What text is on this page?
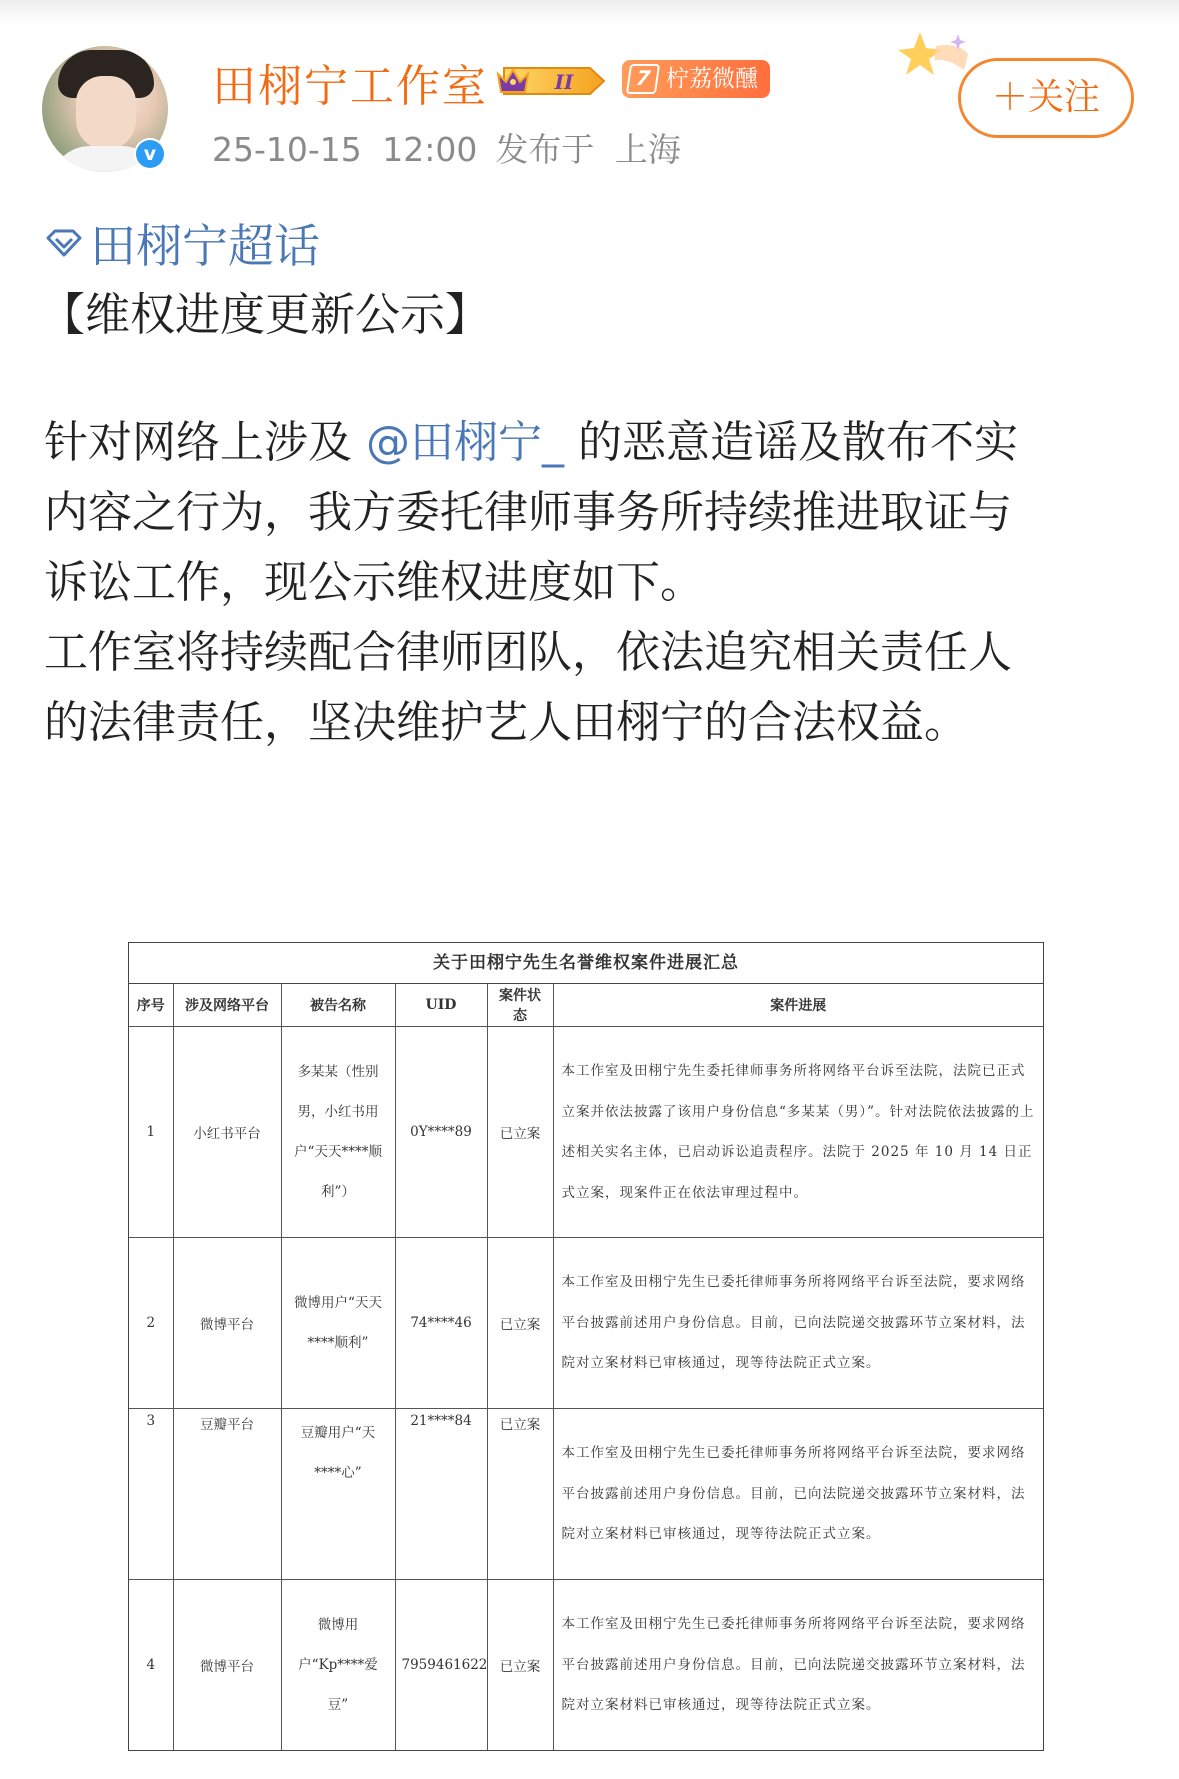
v
田栩宁工作室	II	7 柠荔微醺
25-10-15 12:00 发布于 上海
＋关注
田栩宁超话
【维权进度更新公示】
针对网络上涉及 @田栩宁_ 的恶意造谣及散布不实
内容之行为，我方委托律师事务所持续推进取证与
诉讼工作，现公示维权进度如下。
工作室将持续配合律师团队，依法追究相关责任人
的法律责任，坚决维护艺人田栩宁的合法权益。
关于田栩宁先生名誉维权案件进展汇总
序号	涉及网络平台	被告名称	UID	案件状态	案件进展
1	小红书平台	多某某（性别男，小红书用户“天天****顺利”）	0Y****89	已立案	本工作室及田栩宁先生委托律师事务所将网络平台诉至法院，法院已正式立案并依法披露了该用户身份信息“多某某（男）”。针对法院依法披露的上述相关实名主体，已启动诉讼追责程序。法院于 2025 年 10 月 14 日正式立案，现案件正在依法审理过程中。
2	微博平台	微博用户“天天****顺利”	74****46	已立案	本工作室及田栩宁先生已委托律师事务所将网络平台诉至法院，要求网络平台披露前述用户身份信息。目前，已向法院递交披露环节立案材料，法院对立案材料已审核通过，现等待法院正式立案。
3	豆瓣平台	豆瓣用户“天****心”	21****84	已立案	本工作室及田栩宁先生已委托律师事务所将网络平台诉至法院，要求网络平台披露前述用户身份信息。目前，已向法院递交披露环节立案材料，法院对立案材料已审核通过，现等待法院正式立案。
4	微博平台	微博用户“Kp****爱豆”	7959461622	已立案	本工作室及田栩宁先生已委托律师事务所将网络平台诉至法院，要求网络平台披露前述用户身份信息。目前，已向法院递交披露环节立案材料，法院对立案材料已审核通过，现等待法院正式立案。
